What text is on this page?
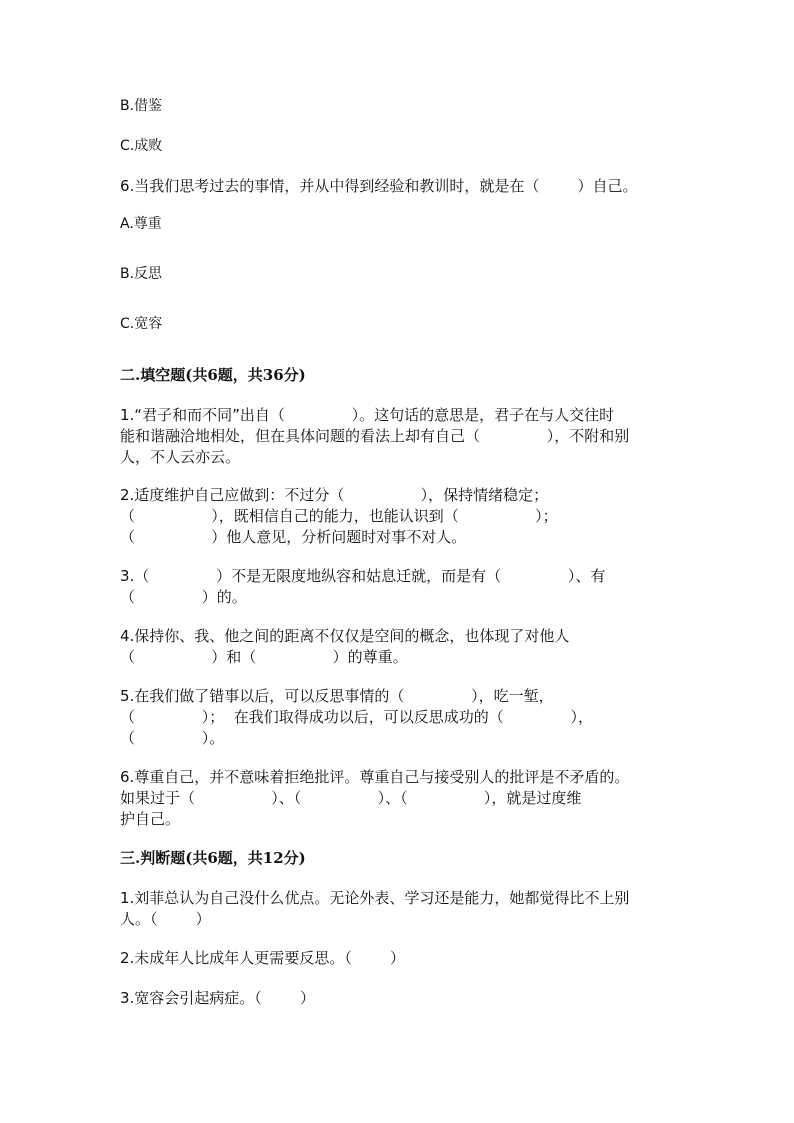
B.借鉴

C.成败

6.当我们思考过去的事情，并从中得到经验和教训时，就是在（        ）自己。

A.尊重

B.反思

C.宽容

二.填空题(共6题，共36分)

1.“君子和而不同”出自（              ）。这句话的意思是，君子在与人交往时

能和谐融洽地相处，但在具体问题的看法上却有自己（              ），不附和别

人，不人云亦云。

2.适度维护自己应做到：不过分（                ），保持情绪稳定；

（                ），既相信自己的能力，也能认识到（                ）；

（                ）他人意见，分析问题时对事不对人。

3.（              ）不是无限度地纵容和姑息迁就，而是有（              ）、有

（              ）的。

4.保持你、我、他之间的距离不仅仅是空间的概念，也体现了对他人

（                ）和（                ）的尊重。

5.在我们做了错事以后，可以反思事情的（              ），吃一堑，

（              ）；  在我们取得成功以后，可以反思成功的（              ），

（              ）。

6.尊重自己，并不意味着拒绝批评。尊重自己与接受别人的批评是不矛盾的。

如果过于（                ）、（                ）、（                ），就是过度维

护自己。

三.判断题(共6题，共12分)

1.刘菲总认为自己没什么优点。无论外表、学习还是能力，她都觉得比不上别

人。（        ）

2.未成年人比成年人更需要反思。（        ）

3.宽容会引起病症。（        ）
